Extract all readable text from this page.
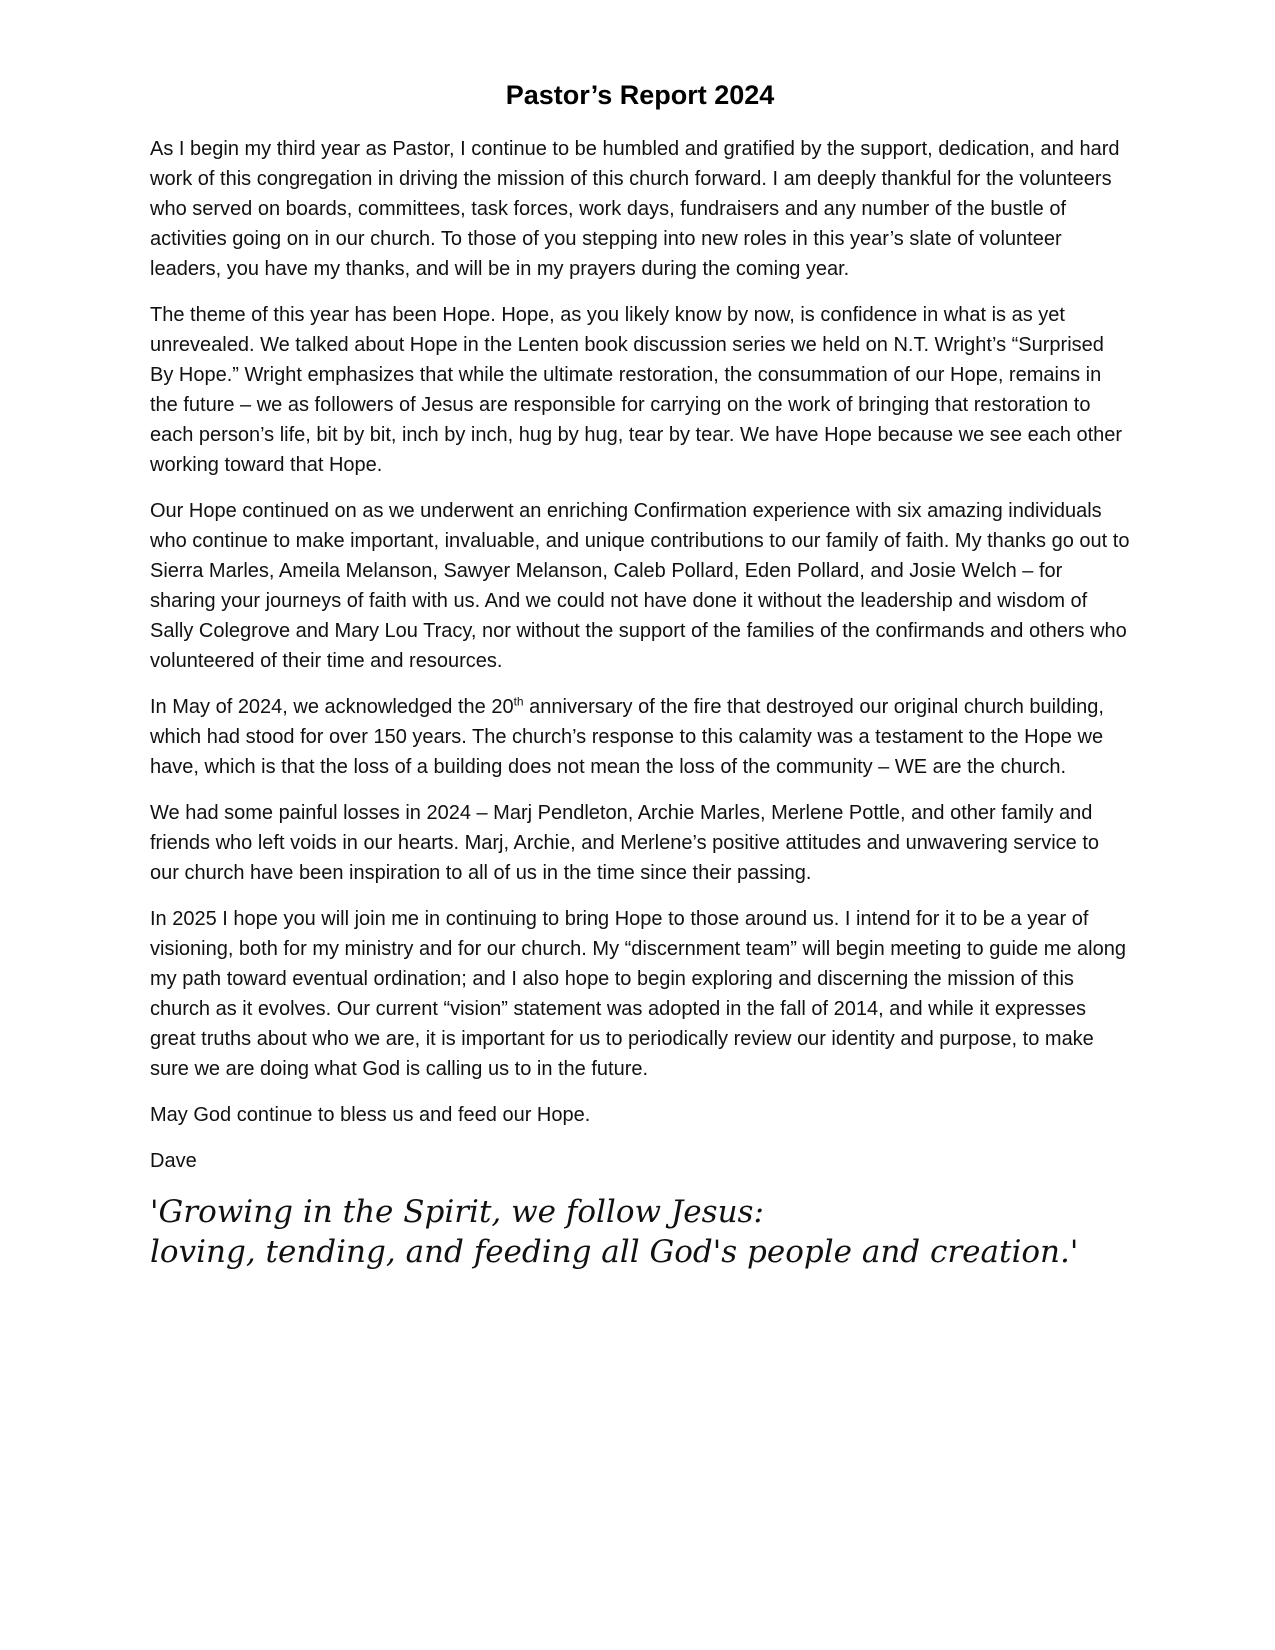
Pastor’s Report 2024

As I begin my third year as Pastor, I continue to be humbled and gratified by the support, dedication, and hard work of this congregation in driving the mission of this church forward. I am deeply thankful for the volunteers who served on boards, committees, task forces, work days, fundraisers and any number of the bustle of activities going on in our church. To those of you stepping into new roles in this year’s slate of volunteer leaders, you have my thanks, and will be in my prayers during the coming year.

The theme of this year has been Hope. Hope, as you likely know by now, is confidence in what is as yet unrevealed. We talked about Hope in the Lenten book discussion series we held on N.T. Wright’s “Surprised By Hope.” Wright emphasizes that while the ultimate restoration, the consummation of our Hope, remains in the future – we as followers of Jesus are responsible for carrying on the work of bringing that restoration to each person’s life, bit by bit, inch by inch, hug by hug, tear by tear. We have Hope because we see each other working toward that Hope.

Our Hope continued on as we underwent an enriching Confirmation experience with six amazing individuals who continue to make important, invaluable, and unique contributions to our family of faith. My thanks go out to Sierra Marles, Ameila Melanson, Sawyer Melanson, Caleb Pollard, Eden Pollard, and Josie Welch – for sharing your journeys of faith with us. And we could not have done it without the leadership and wisdom of Sally Colegrove and Mary Lou Tracy, nor without the support of the families of the confirmands and others who volunteered of their time and resources.

In May of 2024, we acknowledged the 20th anniversary of the fire that destroyed our original church building, which had stood for over 150 years. The church’s response to this calamity was a testament to the Hope we have, which is that the loss of a building does not mean the loss of the community – WE are the church.

We had some painful losses in 2024 – Marj Pendleton, Archie Marles, Merlene Pottle, and other family and friends who left voids in our hearts. Marj, Archie, and Merlene’s positive attitudes and unwavering service to our church have been inspiration to all of us in the time since their passing.

In 2025 I hope you will join me in continuing to bring Hope to those around us. I intend for it to be a year of visioning, both for my ministry and for our church. My “discernment team” will begin meeting to guide me along my path toward eventual ordination; and I also hope to begin exploring and discerning the mission of this church as it evolves. Our current “vision” statement was adopted in the fall of 2014, and while it expresses great truths about who we are, it is important for us to periodically review our identity and purpose, to make sure we are doing what God is calling us to in the future.

May God continue to bless us and feed our Hope.

Dave

'Growing in the Spirit, we follow Jesus:
loving, tending, and feeding all God's people and creation.'
